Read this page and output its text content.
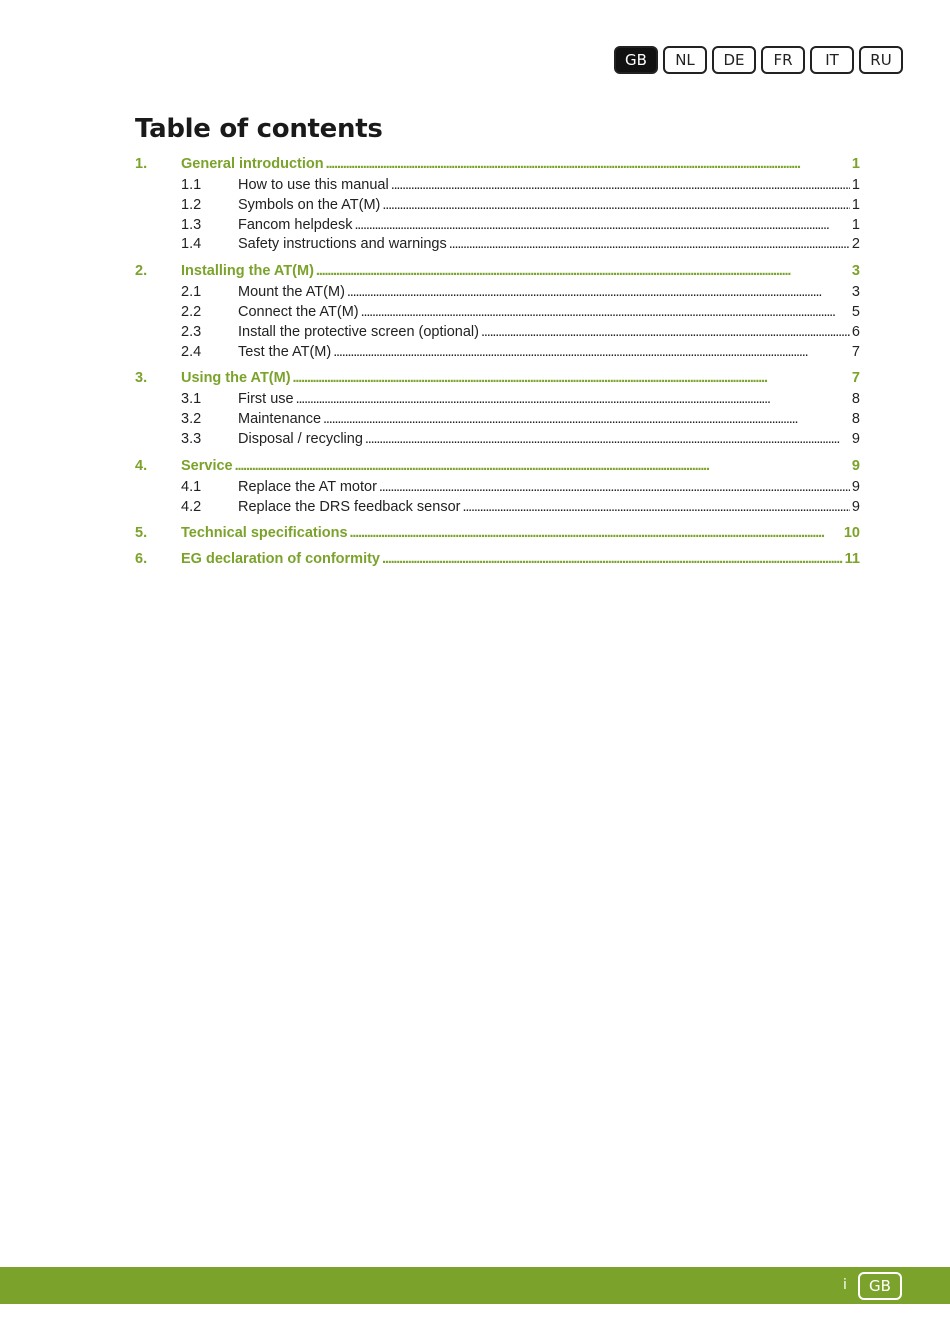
GB	NL	DE	FR	IT	RU
Table of contents
1.	General introduction . . .	1
1.1	How to use this manual . . .	1
1.2	Symbols on the AT(M) . . .	1
1.3	Fancom helpdesk . . .	1
1.4	Safety instructions and warnings . . .	2
2.	Installing the AT(M) . . .	3
2.1	Mount the AT(M) . . .	3
2.2	Connect the AT(M) . . .	5
2.3	Install the protective screen (optional) . . .	6
2.4	Test the AT(M) . . .	7
3.	Using the AT(M) . . .	7
3.1	First use . . .	8
3.2	Maintenance . . .	8
3.3	Disposal / recycling . . .	9
4.	Service . . .	9
4.1	Replace the AT motor . . .	9
4.2	Replace the DRS feedback sensor . . .	9
5.	Technical specifications . . .	10
6.	EG declaration of conformity . . .	11
i	GB
